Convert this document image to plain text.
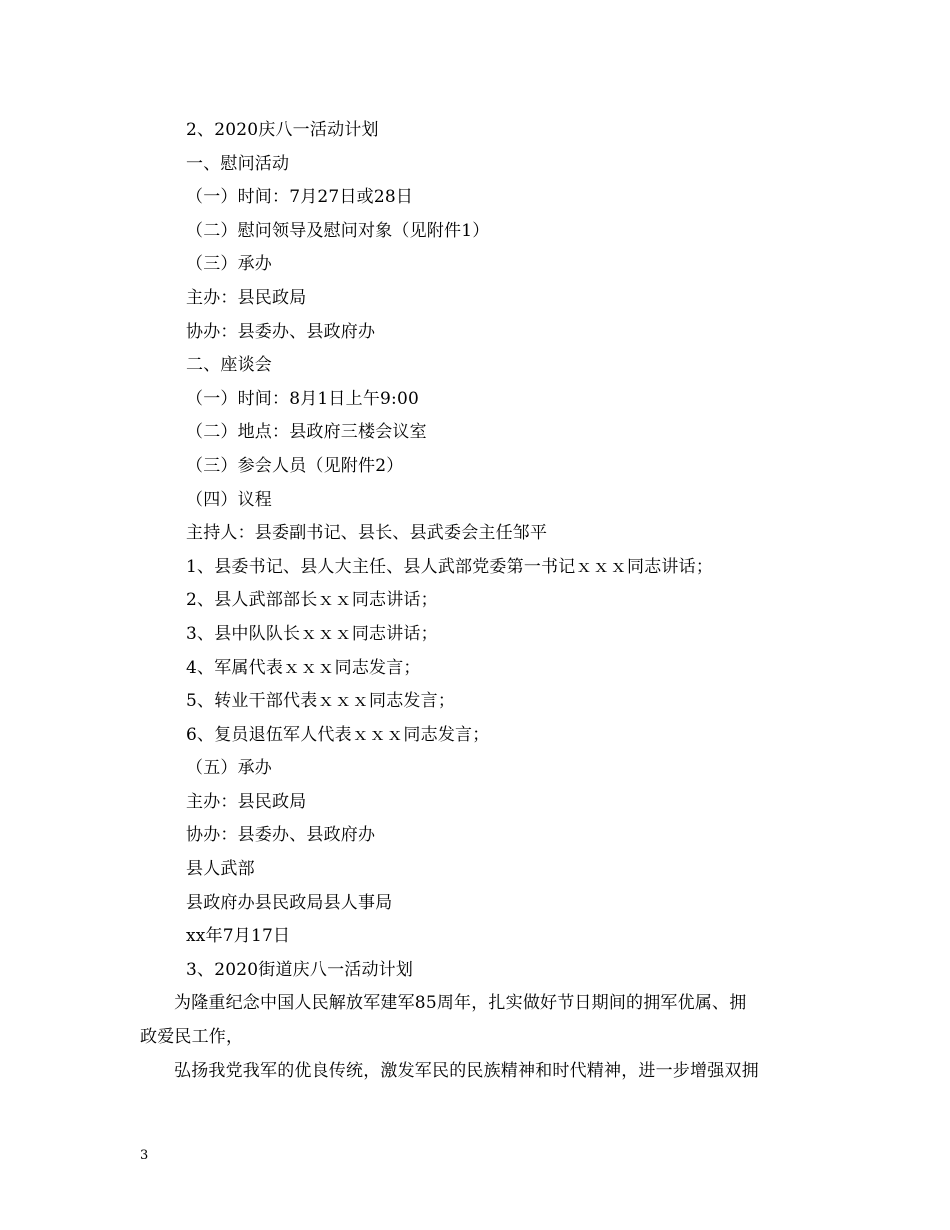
2、2020庆八一活动计划
一、慰问活动
（一）时间：7月27日或28日
（二）慰问领导及慰问对象（见附件1）
（三）承办
主办：县民政局
协办：县委办、县政府办
二、座谈会
（一）时间：8月1日上午9:00
（二）地点：县政府三楼会议室
（三）参会人员（见附件2）
（四）议程
主持人：县委副书记、县长、县武委会主任邹平
1、县委书记、县人大主任、县人武部党委第一书记ｘｘｘ同志讲话；
2、县人武部部长ｘｘ同志讲话；
3、县中队队长ｘｘｘ同志讲话；
4、军属代表ｘｘｘ同志发言；
5、转业干部代表ｘｘｘ同志发言；
6、复员退伍军人代表ｘｘｘ同志发言；
（五）承办
主办：县民政局
协办：县委办、县政府办
县人武部
县政府办县民政局县人事局
xx年7月17日
3、2020街道庆八一活动计划
为隆重纪念中国人民解放军建军85周年，扎实做好节日期间的拥军优属、拥
政爱民工作，
弘扬我党我军的优良传统，激发军民的民族精神和时代精神，进一步增强双拥
3
